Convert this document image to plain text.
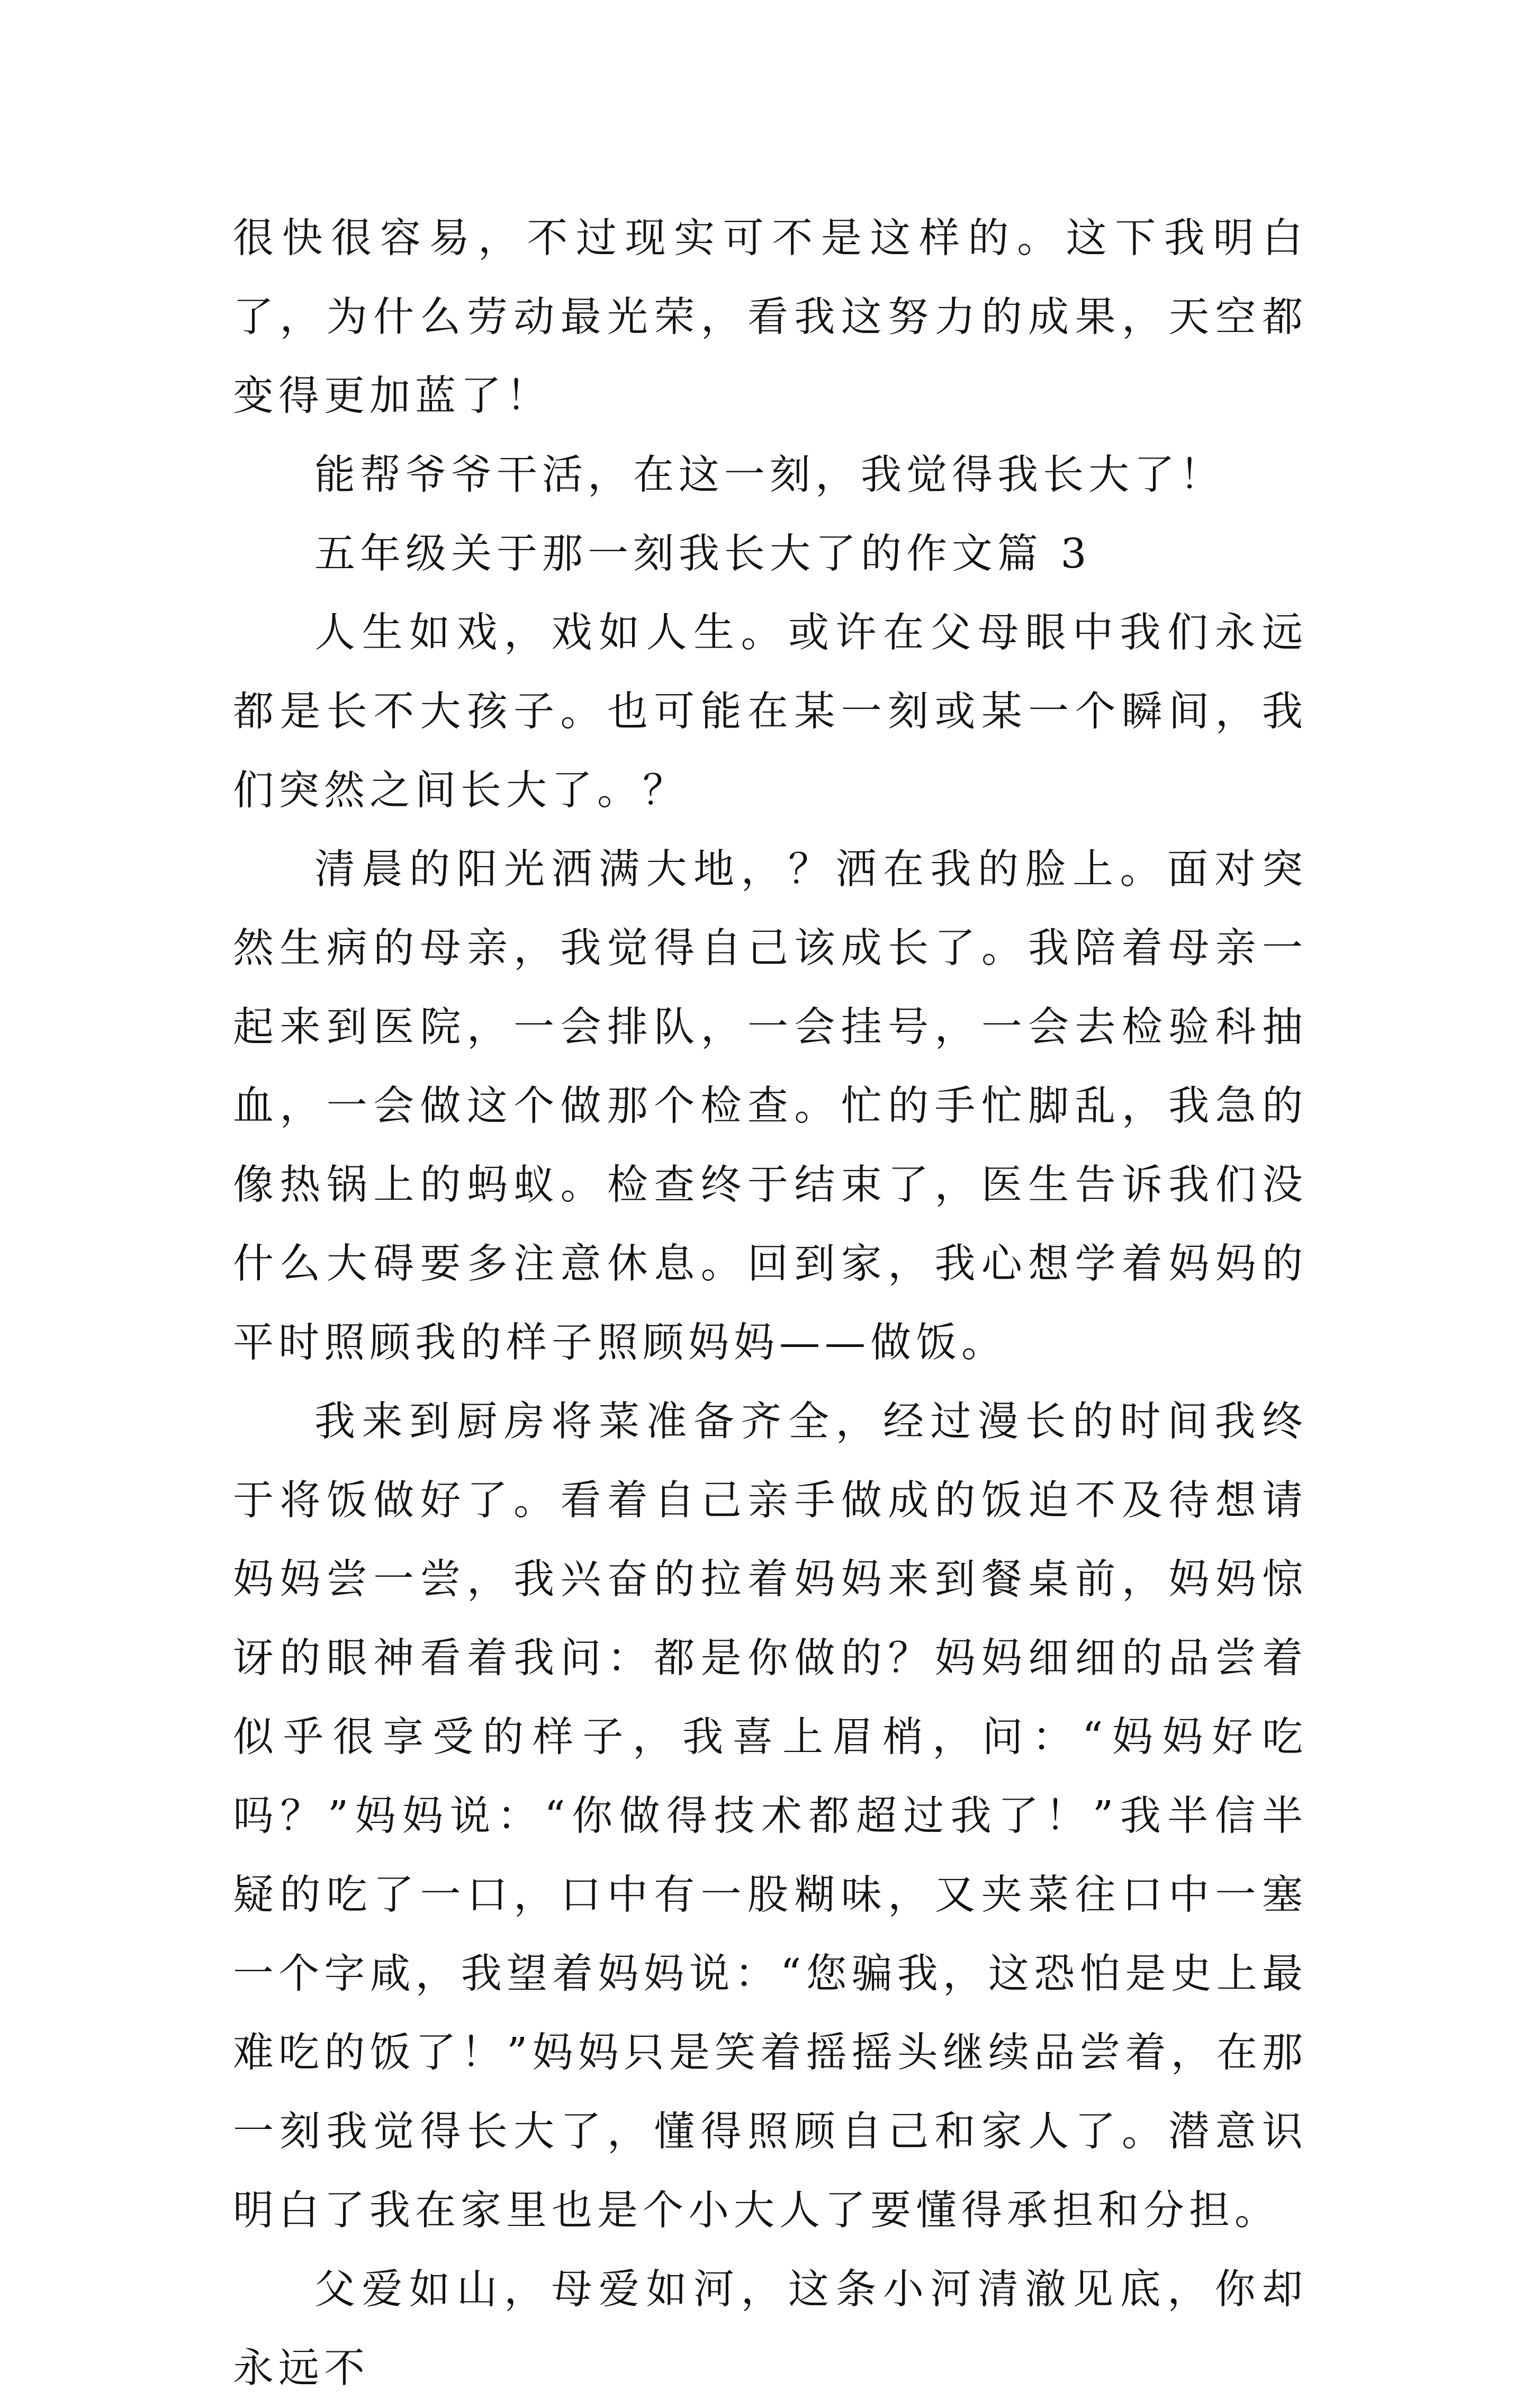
很快很容易，不过现实可不是这样的。这下我明白了，为什么劳动最光荣，看我这努力的成果，天空都变得更加蓝了！

能帮爷爷干活，在这一刻，我觉得我长大了！

五年级关于那一刻我长大了的作文篇 3

人生如戏，戏如人生。或许在父母眼中我们永远都是长不大孩子。也可能在某一刻或某一个瞬间，我们突然之间长大了。？

清晨的阳光洒满大地，？洒在我的脸上。面对突然生病的母亲，我觉得自己该成长了。我陪着母亲一起来到医院，一会排队，一会挂号，一会去检验科抽血，一会做这个做那个检查。忙的手忙脚乱，我急的像热锅上的蚂蚁。检查终于结束了，医生告诉我们没什么大碍要多注意休息。回到家，我心想学着妈妈的平时照顾我的样子照顾妈妈——做饭。

我来到厨房将菜准备齐全，经过漫长的时间我终于将饭做好了。看着自己亲手做成的饭迫不及待想请妈妈尝一尝，我兴奋的拉着妈妈来到餐桌前，妈妈惊讶的眼神看着我问：都是你做的？妈妈细细的品尝着似乎很享受的样子，我喜上眉梢，问：“妈妈好吃吗？”妈妈说：“你做得技术都超过我了！”我半信半疑的吃了一口，口中有一股糊味，又夹菜往口中一塞一个字咸，我望着妈妈说：“您骗我，这恐怕是史上最难吃的饭了！”妈妈只是笑着摇摇头继续品尝着，在那一刻我觉得长大了，懂得照顾自己和家人了。潜意识明白了我在家里也是个小大人了要懂得承担和分担。

父爱如山，母爱如河，这条小河清澈见底，你却永远不
